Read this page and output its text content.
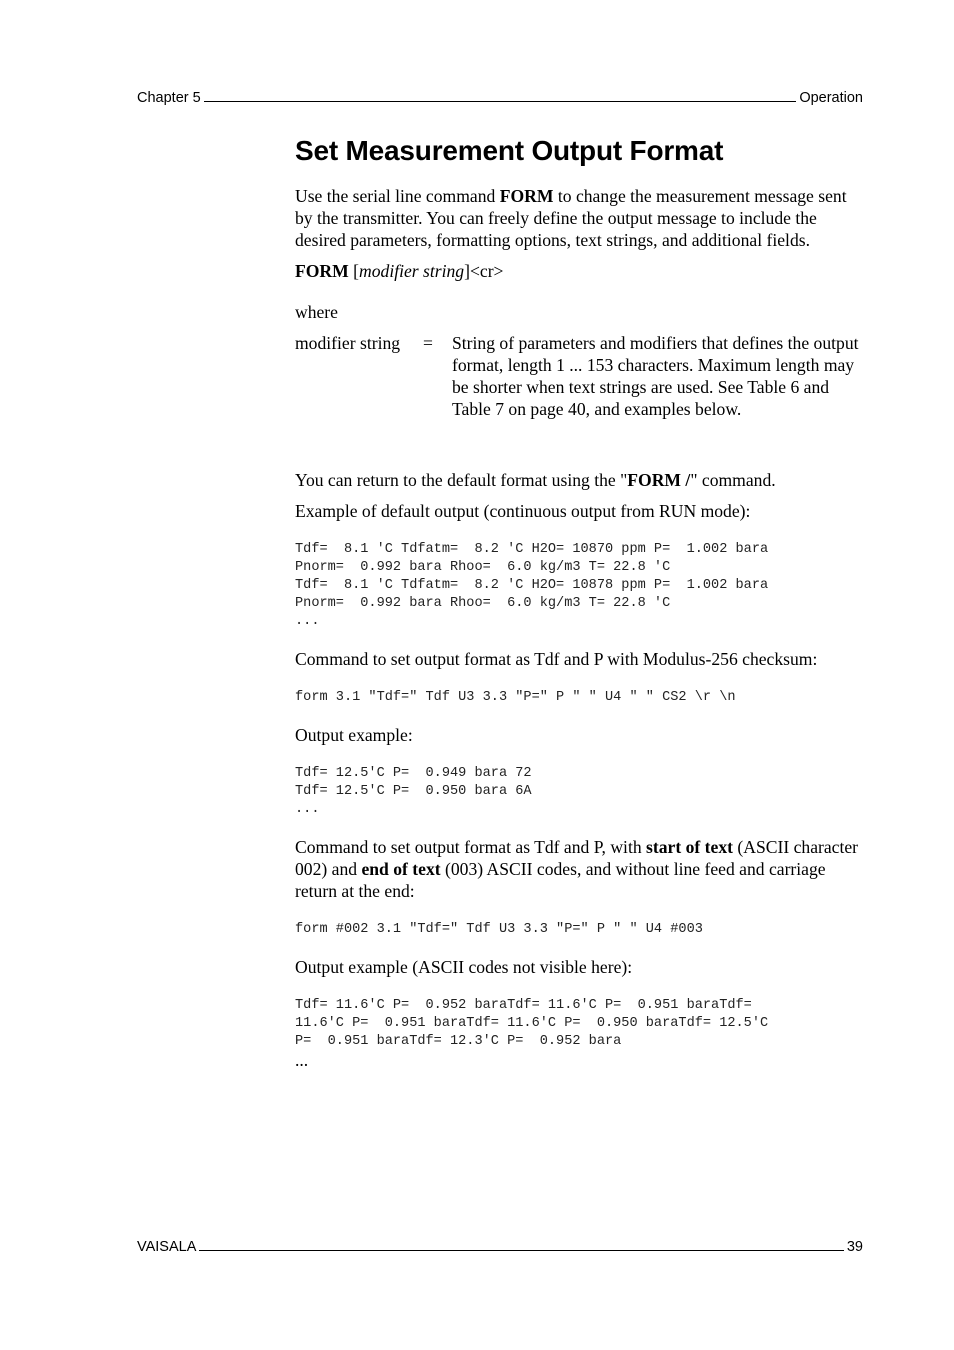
Chapter 5	Operation
Set Measurement Output Format

Use the serial line command FORM to change the measurement message sent by the transmitter. You can freely define the output message to include the desired parameters, formatting options, text strings, and additional fields.

FORM [modifier string]<cr>

where

modifier string	=	String of parameters and modifiers that defines the output format, length 1 ... 153 characters. Maximum length may be shorter when text strings are used. See Table 6 and Table 7 on page 40, and examples below.

You can return to the default format using the "FORM /" command.

Example of default output (continuous output from RUN mode):

Tdf=  8.1 'C Tdfatm=  8.2 'C H2O= 10870 ppm P=  1.002 bara
Pnorm=  0.992 bara Rhoo=  6.0 kg/m3 T= 22.8 'C
Tdf=  8.1 'C Tdfatm=  8.2 'C H2O= 10878 ppm P=  1.002 bara
Pnorm=  0.992 bara Rhoo=  6.0 kg/m3 T= 22.8 'C
...

Command to set output format as Tdf and P with Modulus-256 checksum:

form 3.1 "Tdf=" Tdf U3 3.3 "P=" P " " U4 " " CS2 \r \n

Output example:

Tdf= 12.5'C P=  0.949 bara 72
Tdf= 12.5'C P=  0.950 bara 6A
...

Command to set output format as Tdf and P, with start of text (ASCII character 002) and end of text (003) ASCII codes, and without line feed and carriage return at the end:

form #002 3.1 "Tdf=" Tdf U3 3.3 "P=" P " " U4 #003

Output example (ASCII codes not visible here):

Tdf= 11.6'C P=  0.952 baraTdf= 11.6'C P=  0.951 baraTdf=
11.6'C P=  0.951 baraTdf= 11.6'C P=  0.950 baraTdf= 12.5'C
P=  0.951 baraTdf= 12.3'C P=  0.952 bara

...

VAISALA	39
